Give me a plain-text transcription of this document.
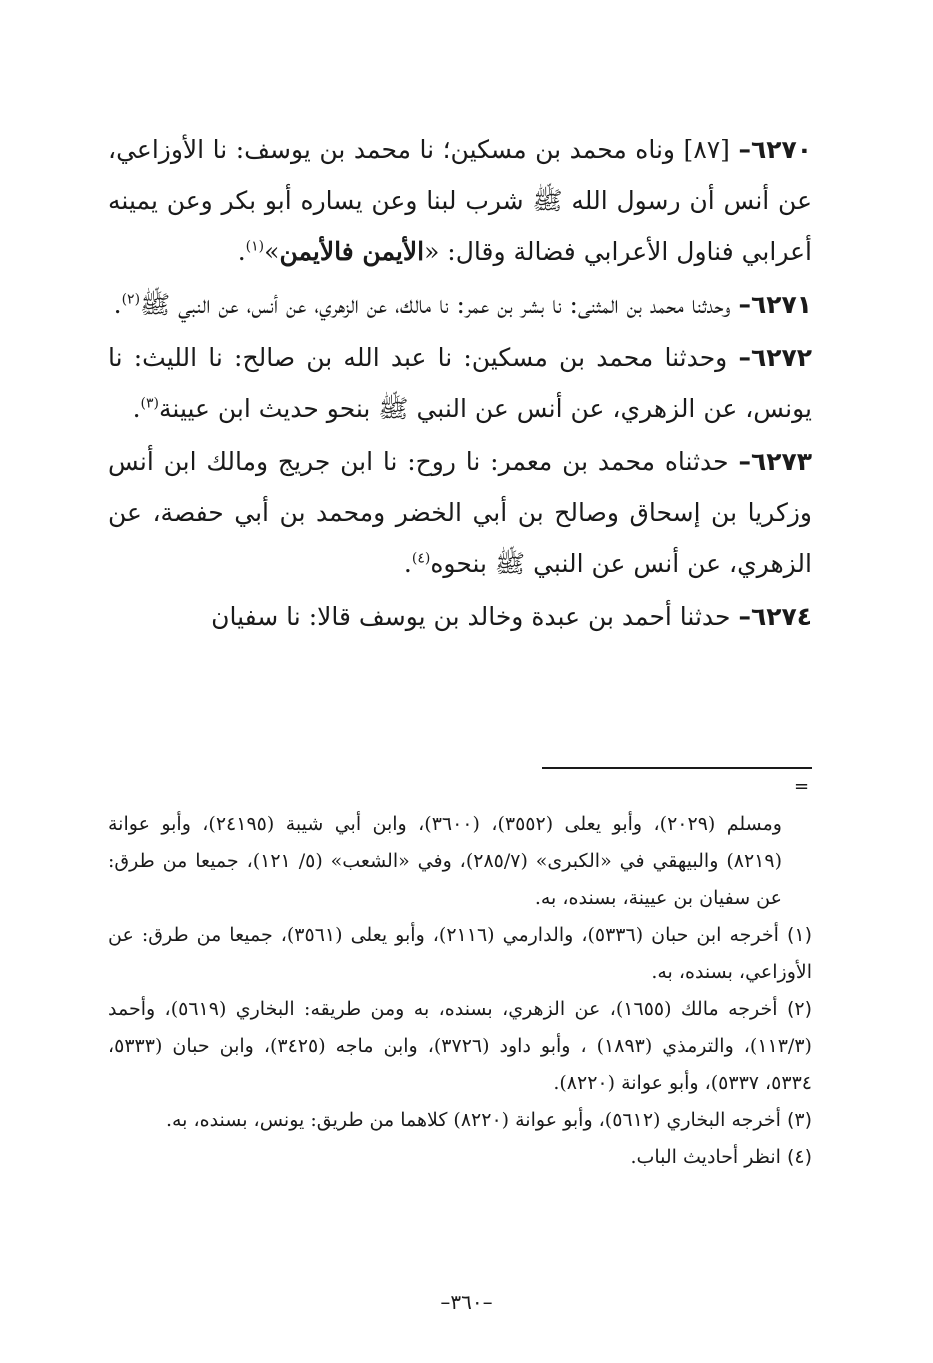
٦٢٧٠– [٨٧] وناه محمد بن مسكين؛ نا محمد بن يوسف: نا الأوزاعي، عن أنس أن رسول الله ﷺ شرب لبنا وعن يساره أبو بكر وعن يمينه أعرابي فناول الأعرابي فضالة وقال: «الأيمن فالأيمن»$^{(١)}$.

٦٢٧١– وحدثنا محمد بن المثنى: نا بشر بن عمر: نا مالك، عن الزهري، عن أنس، عن النبي ﷺ$^{(٢)}$.

٦٢٧٢– وحدثنا محمد بن مسكين: نا عبد الله بن صالح: نا الليث: نا يونس، عن الزهري، عن أنس عن النبي ﷺ بنحو حديث ابن عيينة$^{(٣)}$.

٦٢٧٣– حدثناه محمد بن معمر: نا روح: نا ابن جريج ومالك ابن أنس وزكريا بن إسحاق وصالح بن أبي الخضر ومحمد بن أبي حفصة، عن الزهري، عن أنس عن النبي ﷺ بنحوه$^{(٤)}$.

٦٢٧٤– حدثنا أحمد بن عبدة وخالد بن يوسف قالا: نا سفيان

=

ومسلم (٢٠٢٩)، وأبو يعلى (٣٥٥٢)، (٣٦٠٠)، وابن أبي شيبة (٢٤١٩٥)، وأبو عوانة (٨٢١٩) والبيهقي في «الكبرى» (٢٨٥/٧)، وفي «الشعب» (٥/ ١٢١)، جميعا من طرق: عن سفيان بن عيينة، بسنده، به.

(١) أخرجه ابن حبان (٥٣٣٦)، والدارمي (٢١١٦)، وأبو يعلى (٣٥٦١)، جميعا من طرق: عن الأوزاعي، بسنده، به.

(٢) أخرجه مالك (١٦٥٥)، عن الزهري، بسنده، به ومن طريقه: البخاري (٥٦١٩)، وأحمد (١١٣/٣)، والترمذي (١٨٩٣) ، وأبو داود (٣٧٢٦)، وابن ماجه (٣٤٢٥)، وابن حبان (٥٣٣٣، ٥٣٣٤، ٥٣٣٧)، وأبو عوانة (٨٢٢٠).

(٣) أخرجه البخاري (٥٦١٢)، وأبو عوانة (٨٢٢٠) كلاهما من طريق: يونس، بسنده، به.

(٤) انظر أحاديث الباب.

–٣٦٠–
